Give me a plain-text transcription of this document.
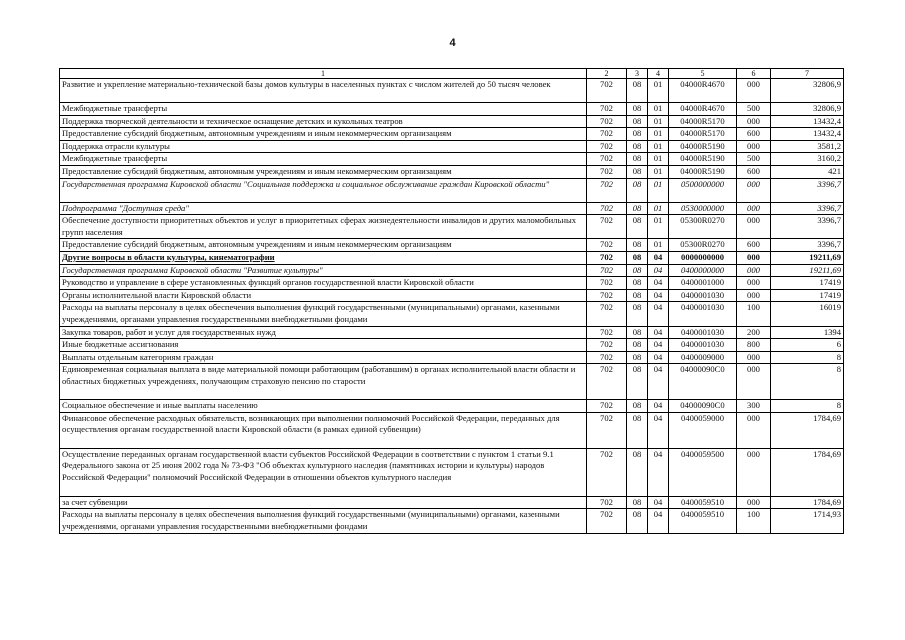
4
1	2	3	4	5	6	7
Развитие и укрепление материально-технической базы домов культуры в населенных пунктах с числом жителей до 50 тысяч человек	702	08	01	04000R4670	000	32806,9
Межбюджетные трансферты	702	08	01	04000R4670	500	32806,9
Поддержка творческой деятельности и техническое оснащение детских и кукольных театров	702	08	01	04000R5170	000	13432,4
Предоставление субсидий бюджетным, автономным учреждениям и иным некоммерческим организациям	702	08	01	04000R5170	600	13432,4
Поддержка отрасли культуры	702	08	01	04000R5190	000	3581,2
Межбюджетные трансферты	702	08	01	04000R5190	500	3160,2
Предоставление субсидий бюджетным, автономным учреждениям и иным некоммерческим организациям	702	08	01	04000R5190	600	421
Государственная программа Кировской области "Социальная поддержка и социальное обслуживание граждан Кировской области"	702	08	01	0500000000	000	3396,7
Подпрограмма "Доступная среда"	702	08	01	0530000000	000	3396,7
Обеспечение доступности приоритетных объектов и услуг в приоритетных сферах жизнедеятельности инвалидов и других маломобильных групп населения	702	08	01	05300R0270	000	3396,7
Предоставление субсидий бюджетным, автономным учреждениям и иным некоммерческим организациям	702	08	01	05300R0270	600	3396,7
Другие вопросы в области культуры, кинематографии	702	08	04	0000000000	000	19211,69
Государственная программа Кировской области "Развитие культуры"	702	08	04	0400000000	000	19211,69
Руководство и управление в сфере установленных функций органов государственной власти Кировской области	702	08	04	0400001000	000	17419
Органы исполнительной власти Кировской области	702	08	04	0400001030	000	17419
Расходы на выплаты персоналу в целях обеспечения выполнения функций государственными (муниципальными) органами, казенными учреждениями, органами управления государственными внебюджетными фондами	702	08	04	0400001030	100	16019
Закупка товаров, работ и услуг для государственных нужд	702	08	04	0400001030	200	1394
Иные бюджетные ассигнования	702	08	04	0400001030	800	6
Выплаты отдельным категориям граждан	702	08	04	0400009000	000	8
Единовременная социальная выплата в виде материальной помощи работающим (работавшим) в органах исполнительной власти области и областных бюджетных учреждениях, получающим страховую пенсию по старости	702	08	04	04000090С0	000	8
Социальное обеспечение и иные выплаты населению	702	08	04	04000090С0	300	8
Финансовое обеспечение расходных обязательств, возникающих при выполнении полномочий Российской Федерации, переданных для осуществления органам государственной власти Кировской области (в рамках единой субвенции)	702	08	04	0400059000	000	1784,69
Осуществление переданных органам государственной власти субъектов Российской Федерации в соответствии с пунктом 1 статьи 9.1 Федерального закона от 25 июня 2002 года № 73-ФЗ "Об объектах культурного наследия (памятниках истории и культуры) народов Российской Федерации" полномочий Российской Федерации в отношении объектов культурного наследия	702	08	04	0400059500	000	1784,69
за счет субвенции	702	08	04	0400059510	000	1784,69
Расходы на выплаты персоналу в целях обеспечения выполнения функций государственными (муниципальными) органами, казенными учреждениями, органами управления государственными внебюджетными фондами	702	08	04	0400059510	100	1714,93
